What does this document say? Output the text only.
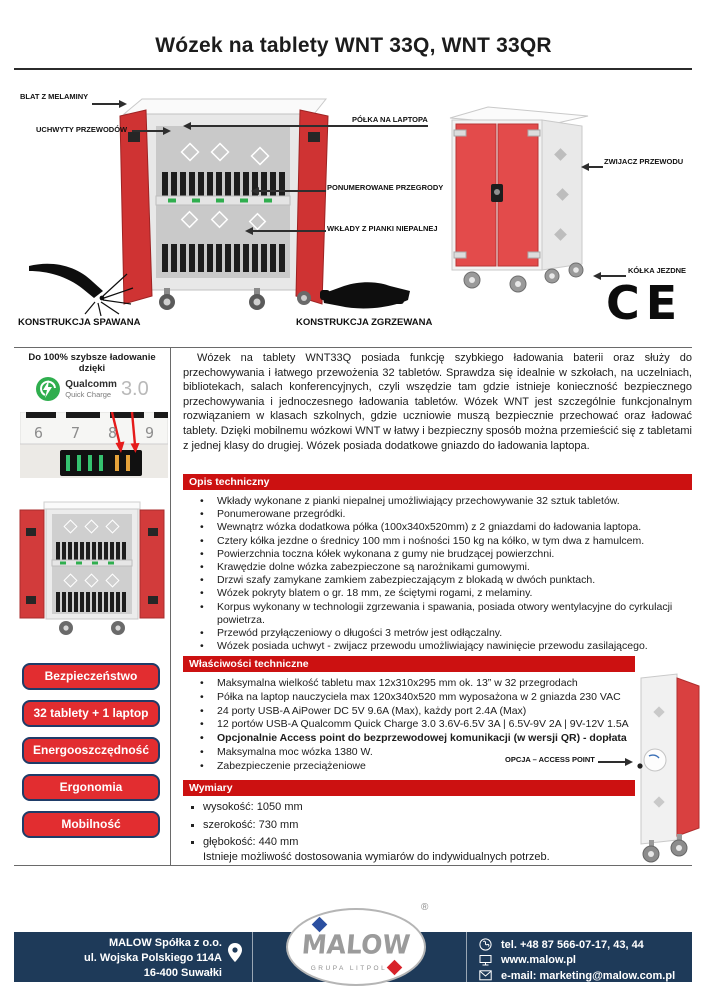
Wózek na tablety WNT 33Q, WNT 33QR
CE
BLAT Z MELAMINY
UCHWYTY PRZEWODÓW
PÓŁKA NA LAPTOPA
PONUMEROWANE PRZEGRODY
WKŁADY Z PIANKI NIEPALNEJ
ZWIJACZ PRZEWODU
KÓŁKA JEZDNE
KONSTRUKCJA SPAWANA	KONSTRUKCJA ZGRZEWANA
Do 100% szybsze ładowanie dzięki
Qualcomm
Quick Charge 3.0
6 7 8 9

Wózek na tablety WNT33Q posiada funkcję szybkiego ładowania baterii oraz służy do przechowywania i łatwego przewożenia 32 tabletów. Sprawdza się idealnie w szkołach, na uczelniach, bibliotekach, salach konferencyjnych, czyli wszędzie tam gdzie istnieje konieczność bezpiecznego przechowywania i jednoczesnego ładowania tabletów. Wózek WNT jest szczególnie funkcjonalnym rozwiązaniem w klasach szkolnych, gdzie uczniowie muszą bezpiecznie przechować oraz ładować tablety. Dzięki mobilnemu wózkowi WNT w łatwy i bezpieczny sposób można przemieścić się z tabletami z jednej klasy do drugiej. Wózek posiada dodatkowe gniazdo do ładowania laptopa.

Opis techniczny
• Wkłady wykonane z pianki niepalnej umożliwiający przechowywanie 32 sztuk tabletów.
• Ponumerowane przegródki.
• Wewnątrz wózka dodatkowa półka (100x340x520mm) z 2 gniazdami do ładowania laptopa.
• Cztery kółka jezdne o średnicy 100 mm i nośności 150 kg na kółko, w tym dwa z hamulcem.
• Powierzchnia toczna kółek wykonana z gumy nie brudzącej powierzchni.
• Krawędzie dolne wózka zabezpieczone są narożnikami gumowymi.
• Drzwi szafy zamykane zamkiem zabezpieczającym z blokadą w dwóch punktach.
• Wózek pokryty blatem o gr. 18 mm, ze ściętymi rogami, z melaminy.
• Korpus wykonany w technologii zgrzewania i spawania, posiada otwory wentylacyjne do cyrkulacji powietrza.
• Przewód przyłączeniowy o długości 3 metrów jest odłączalny.
• Wózek posiada uchwyt - zwijacz przewodu umożliwiający nawinięcie przewodu zasilającego.
Właściwości techniczne
• Maksymalna wielkość tabletu max 12x310x295 mm ok. 13” w 32 przegrodach
• Półka na laptop nauczyciela max 120x340x520 mm wyposażona w 2 gniazda 230 VAC
• 24 porty USB-A AiPower DC 5V 9.6A (Max), każdy port 2.4A (Max)
• 12 portów USB-A Qualcomm Quick Charge 3.0 3.6V-6.5V 3A | 6.5V-9V 2A | 9V-12V 1.5A
• Opcjonalnie Access point do bezprzewodowej komunikacji (w wersji QR) - dopłata
• Maksymalna moc wózka 1380 W.
• Zabezpieczenie przeciążeniowe
OPCJA – ACCESS POINT
Wymiary
wysokość: 1050 mm
szerokość: 730 mm
głębokość: 440 mm
Istnieje możliwość dostosowania wymiarów do indywidualnych potrzeb.
Bezpieczeństwo
32 tablety + 1 laptop
Energooszczędność
Ergonomia
Mobilność
MALOW Spółka z o.o.
ul. Wojska Polskiego 114A
16-400 Suwałki
MALOW
GRUPA LITPOL
®
tel. +48 87 566-07-17, 43, 44
www.malow.pl
e-mail: marketing@malow.com.pl
